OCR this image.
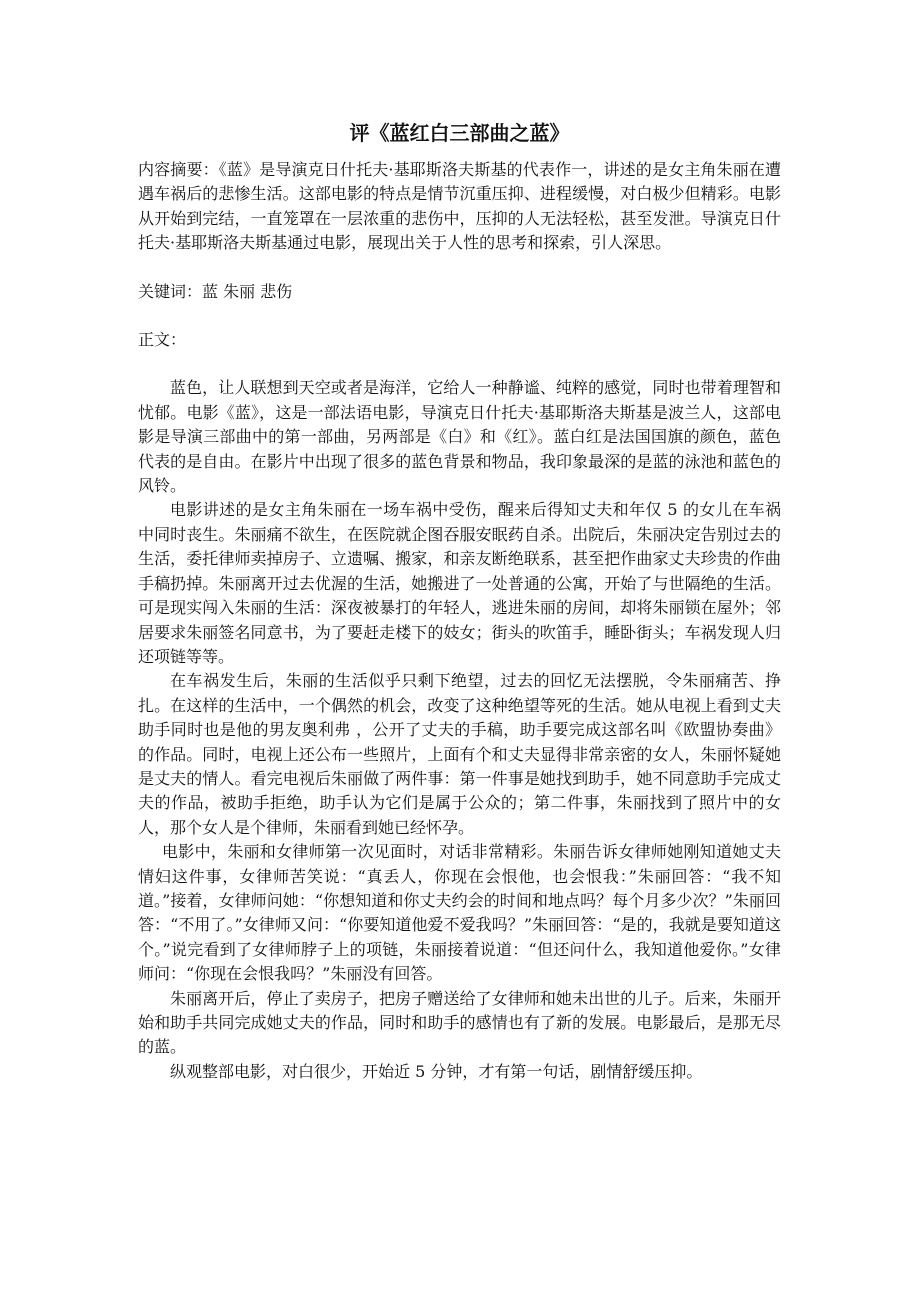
评《蓝红白三部曲之蓝》

内容摘要：《蓝》是导演克日什托夫·基耶斯洛夫斯基的代表作一，讲述的是女主角朱丽在遭遇车祸后的悲惨生活。这部电影的特点是情节沉重压抑、进程缓慢，对白极少但精彩。电影从开始到完结，一直笼罩在一层浓重的悲伤中，压抑的人无法轻松，甚至发泄。导演克日什托夫·基耶斯洛夫斯基通过电影，展现出关于人性的思考和探索，引人深思。

关键词：蓝 朱丽 悲伤

正文：

蓝色，让人联想到天空或者是海洋，它给人一种静谧、纯粹的感觉，同时也带着理智和忧郁。电影《蓝》，这是一部法语电影，导演克日什托夫·基耶斯洛夫斯基是波兰人，这部电影是导演三部曲中的第一部曲，另两部是《白》和《红》。蓝白红是法国国旗的颜色，蓝色代表的是自由。在影片中出现了很多的蓝色背景和物品，我印象最深的是蓝的泳池和蓝色的风铃。

电影讲述的是女主角朱丽在一场车祸中受伤，醒来后得知丈夫和年仅 5 的女儿在车祸中同时丧生。朱丽痛不欲生，在医院就企图吞服安眠药自杀。出院后，朱丽决定告别过去的生活，委托律师卖掉房子、立遗嘱、搬家，和亲友断绝联系，甚至把作曲家丈夫珍贵的作曲手稿扔掉。朱丽离开过去优渥的生活，她搬进了一处普通的公寓，开始了与世隔绝的生活。可是现实闯入朱丽的生活：深夜被暴打的年轻人，逃进朱丽的房间，却将朱丽锁在屋外；邻居要求朱丽签名同意书，为了要赶走楼下的妓女；街头的吹笛手，睡卧街头；车祸发现人归还项链等等。

在车祸发生后，朱丽的生活似乎只剩下绝望，过去的回忆无法摆脱，令朱丽痛苦、挣扎。在这样的生活中，一个偶然的机会，改变了这种绝望等死的生活。她从电视上看到丈夫助手同时也是他的男友奥利弗 ，公开了丈夫的手稿，助手要完成这部名叫《欧盟协奏曲》的作品。同时，电视上还公布一些照片，上面有个和丈夫显得非常亲密的女人，朱丽怀疑她是丈夫的情人。看完电视后朱丽做了两件事：第一件事是她找到助手，她不同意助手完成丈夫的作品，被助手拒绝，助手认为它们是属于公众的；第二件事，朱丽找到了照片中的女人，那个女人是个律师，朱丽看到她已经怀孕。

电影中，朱丽和女律师第一次见面时，对话非常精彩。朱丽告诉女律师她刚知道她丈夫情妇这件事，女律师苦笑说：“真丢人，你现在会恨他，也会恨我：”朱丽回答：“我不知道。”接着，女律师问她：“你想知道和你丈夫约会的时间和地点吗？每个月多少次？”朱丽回答：“不用了。”女律师又问：“你要知道他爱不爱我吗？”朱丽回答：“是的，我就是要知道这个。”说完看到了女律师脖子上的项链，朱丽接着说道：“但还问什么，我知道他爱你。”女律师问：“你现在会恨我吗？”朱丽没有回答。

朱丽离开后，停止了卖房子，把房子赠送给了女律师和她未出世的儿子。后来，朱丽开始和助手共同完成她丈夫的作品，同时和助手的感情也有了新的发展。电影最后，是那无尽的蓝。

纵观整部电影，对白很少，开始近 5 分钟，才有第一句话，剧情舒缓压抑。
